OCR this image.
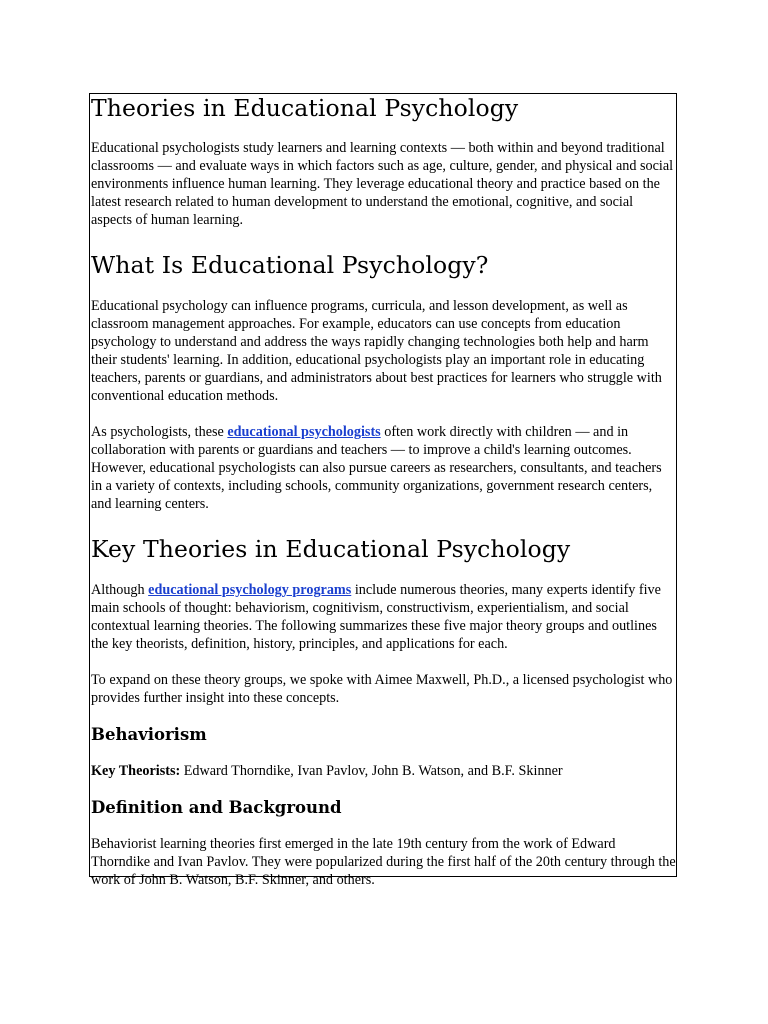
Theories in Educational Psychology

Educational psychologists study learners and learning contexts — both within and beyond traditional classrooms — and evaluate ways in which factors such as age, culture, gender, and physical and social environments influence human learning. They leverage educational theory and practice based on the latest research related to human development to understand the emotional, cognitive, and social aspects of human learning.

What Is Educational Psychology?

Educational psychology can influence programs, curricula, and lesson development, as well as classroom management approaches. For example, educators can use concepts from education psychology to understand and address the ways rapidly changing technologies both help and harm their students' learning. In addition, educational psychologists play an important role in educating teachers, parents or guardians, and administrators about best practices for learners who struggle with conventional education methods.

As psychologists, these educational psychologists often work directly with children — and in collaboration with parents or guardians and teachers — to improve a child's learning outcomes. However, educational psychologists can also pursue careers as researchers, consultants, and teachers in a variety of contexts, including schools, community organizations, government research centers, and learning centers.

Key Theories in Educational Psychology

Although educational psychology programs include numerous theories, many experts identify five main schools of thought: behaviorism, cognitivism, constructivism, experientialism, and social contextual learning theories. The following summarizes these five major theory groups and outlines the key theorists, definition, history, principles, and applications for each.

To expand on these theory groups, we spoke with Aimee Maxwell, Ph.D., a licensed psychologist who provides further insight into these concepts.

Behaviorism

Key Theorists: Edward Thorndike, Ivan Pavlov, John B. Watson, and B.F. Skinner

Definition and Background

Behaviorist learning theories first emerged in the late 19th century from the work of Edward Thorndike and Ivan Pavlov. They were popularized during the first half of the 20th century through the work of John B. Watson, B.F. Skinner, and others.
